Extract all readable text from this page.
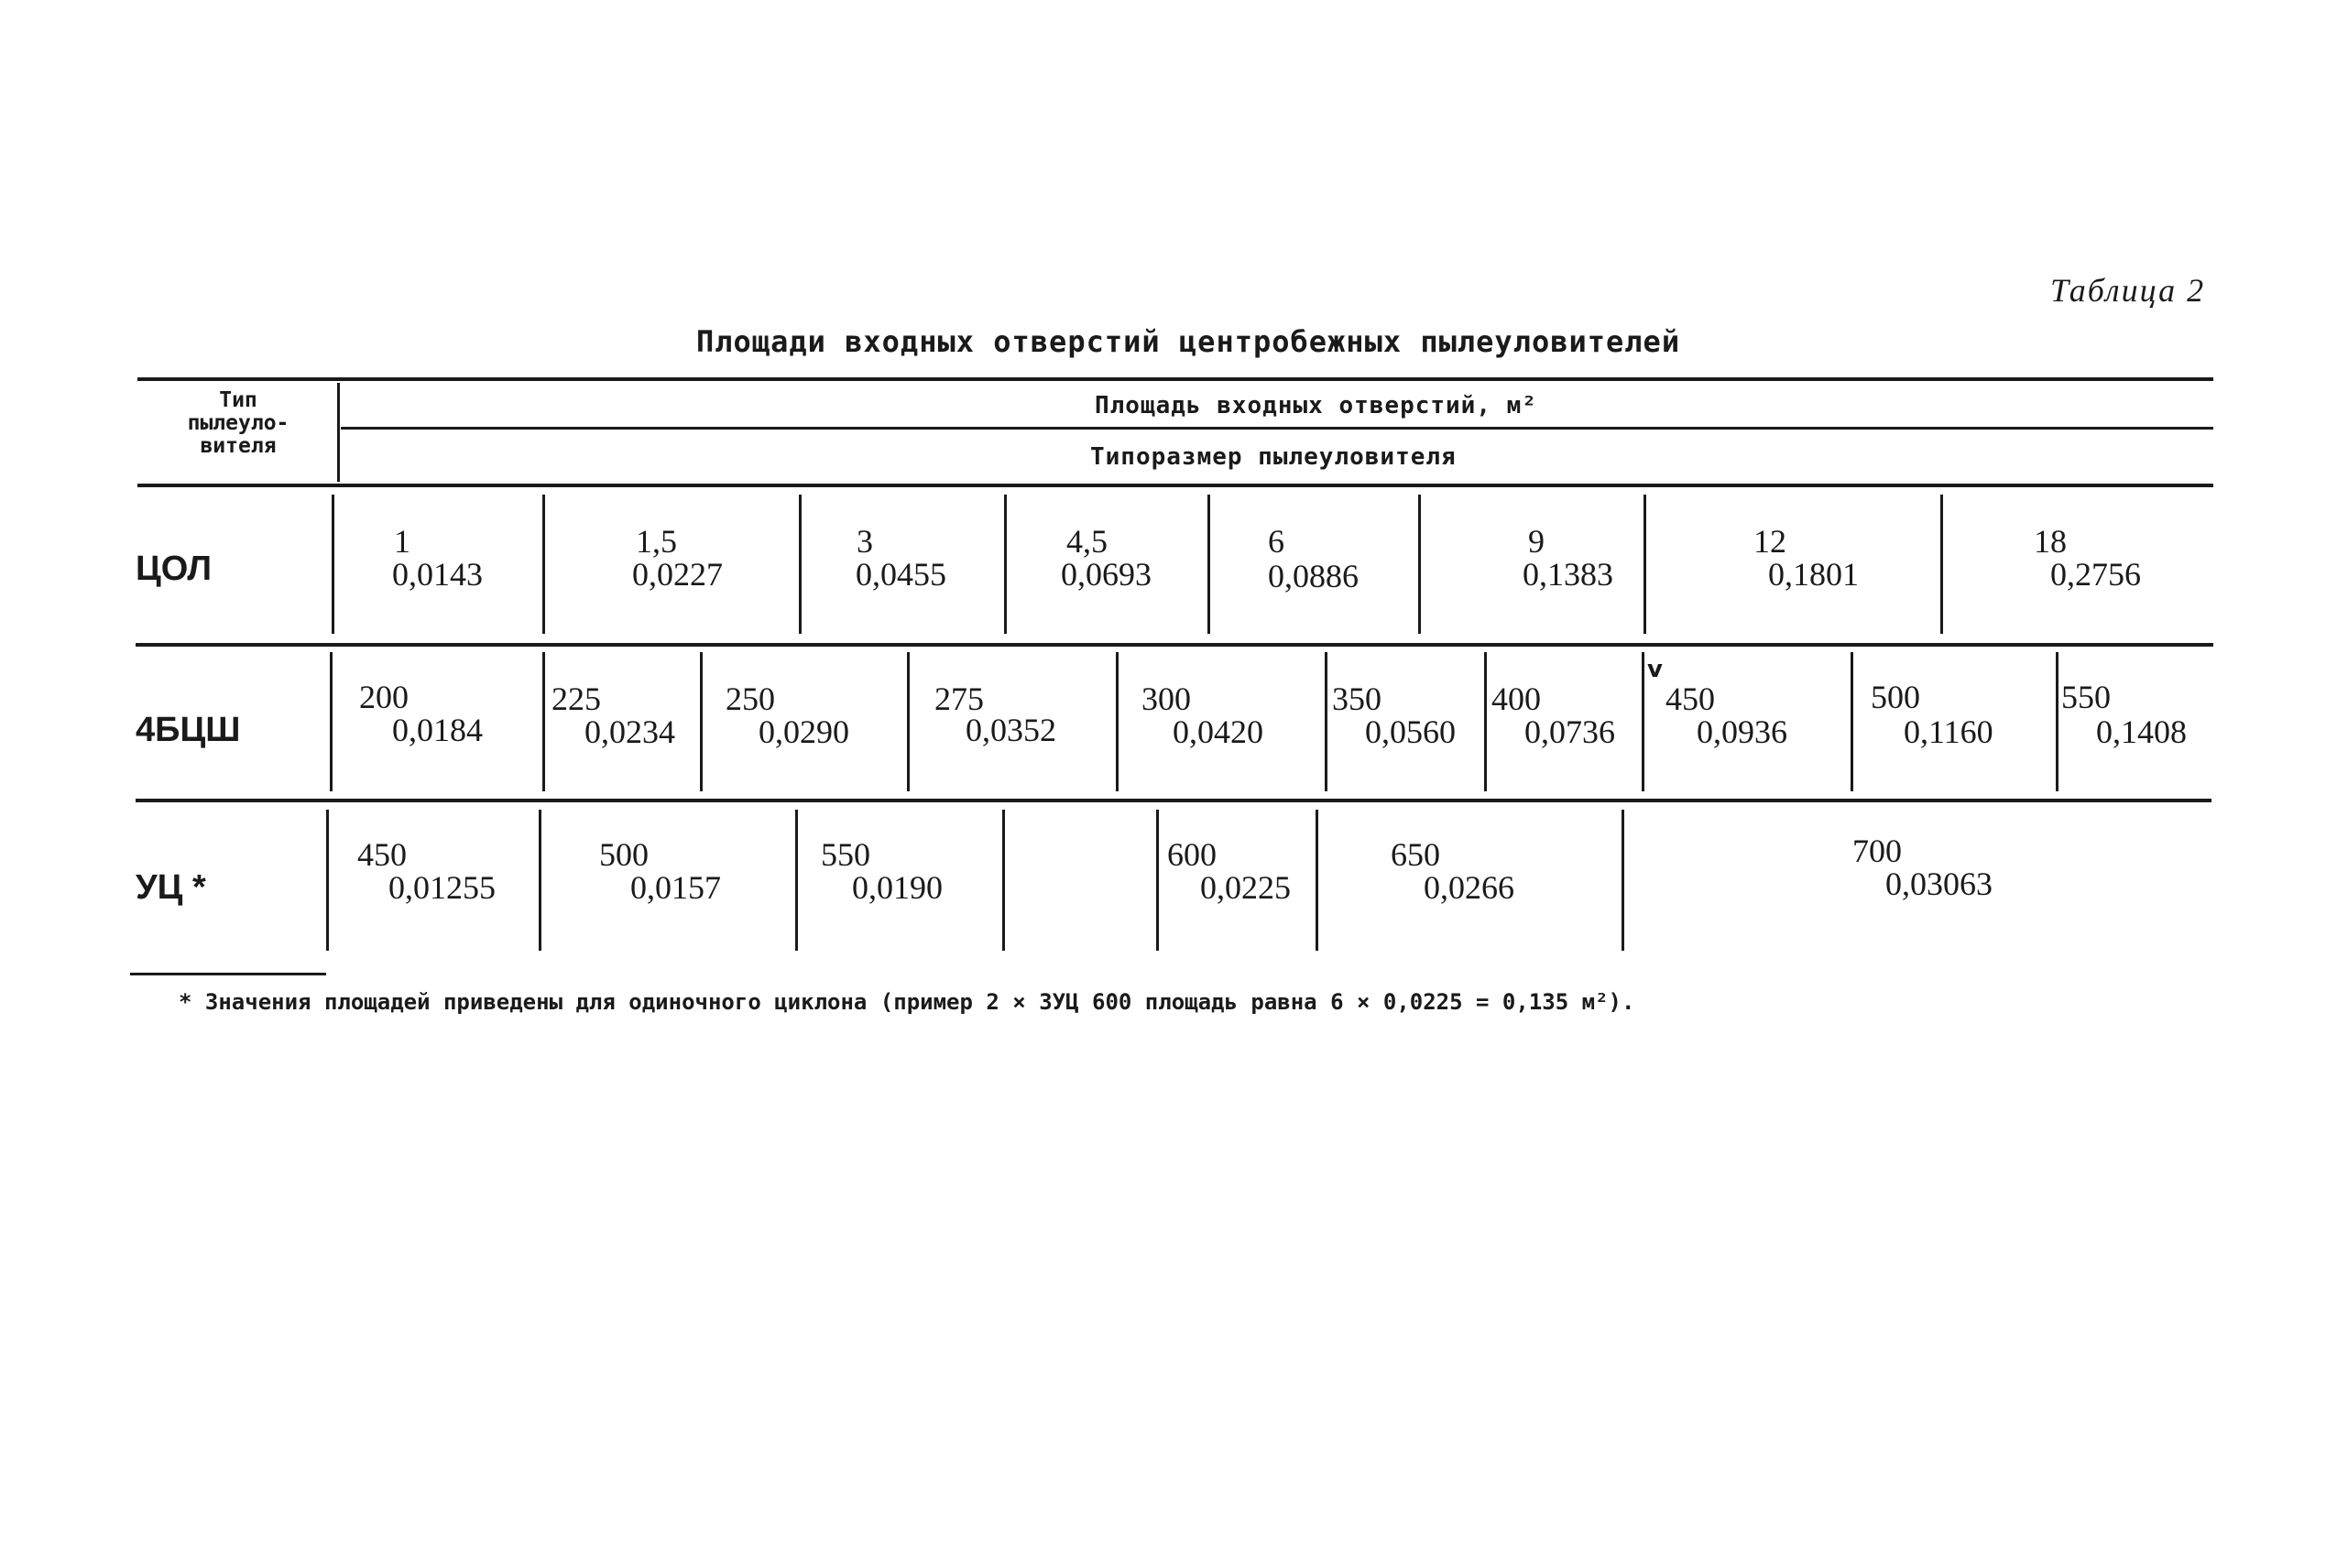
Таблица 2
Площади входных отверстий центробежных пылеуловителей
Тип
пылеуло-
вителя
Площадь входных отверстий, м²
Типоразмер пылеуловителя
ЦОЛ
1
0,0143
1,5
0,0227
3
0,0455
4,5
0,0693
6
0,0886
9
0,1383
12
0,1801
18
0,2756
4БЦШ
200
0,0184
225
0,0234
250
0,0290
275
0,0352
300
0,0420
350
0,0560
400
0,0736
v
450
0,0936
500
0,1160
550
0,1408
УЦ *
450
0,01255
500
0,0157
550
0,0190
600
0,0225
650
0,0266
700
0,03063
* Значения площадей приведены для одиночного циклона (пример 2 × 3УЦ 600 площадь равна 6 × 0,0225 = 0,135 м²).
